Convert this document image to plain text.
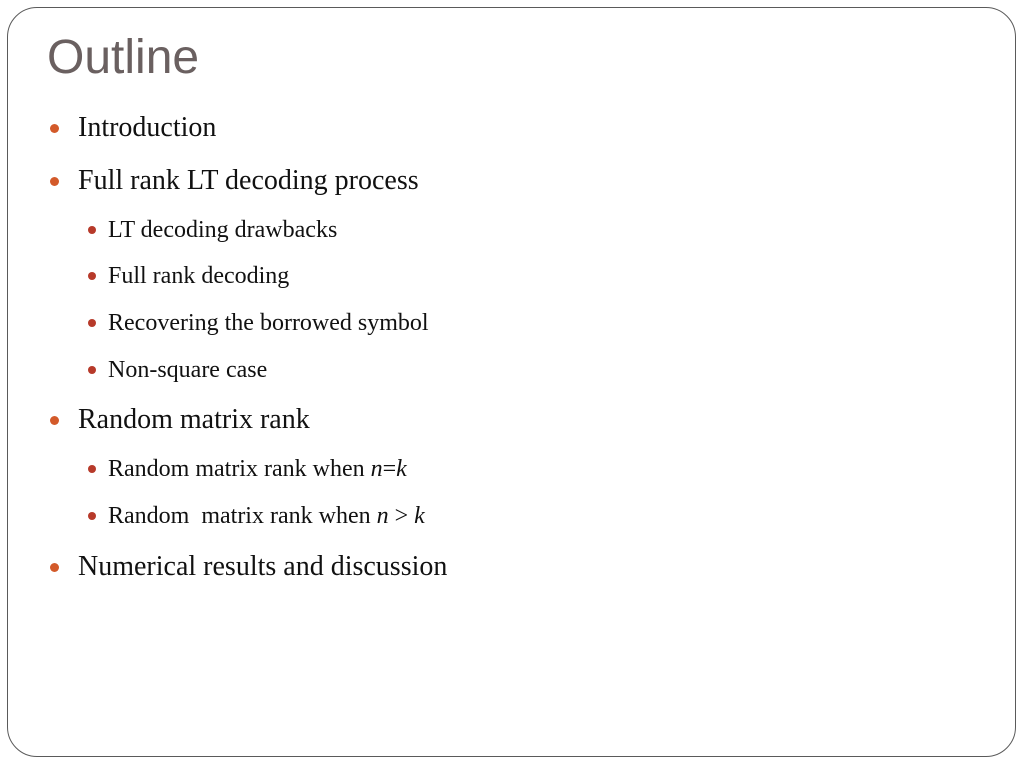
Outline
Introduction
Full rank LT decoding process
LT decoding drawbacks
Full rank decoding
Recovering the borrowed symbol
Non-square case
Random matrix rank
Random matrix rank when n=k
Random  matrix rank when n > k
Numerical results and discussion
